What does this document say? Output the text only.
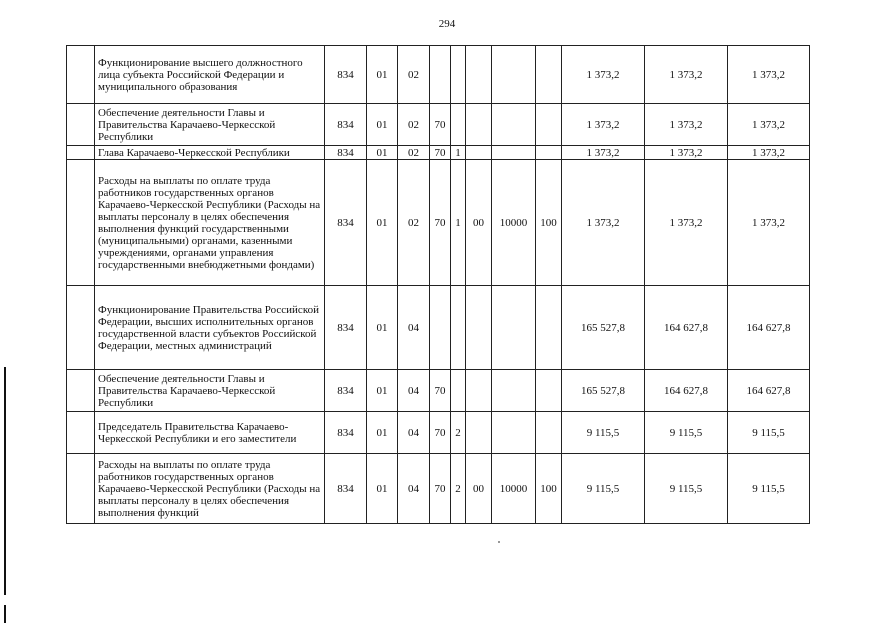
294
	Функционирование высшего должностного лица субъекта Российской Федерации и муниципального образования	834	01	02						1 373,2	1 373,2	1 373,2
	Обеспечение деятельности Главы и Правительства Карачаево-Черкесской Республики	834	01	02	70					1 373,2	1 373,2	1 373,2
	Глава Карачаево-Черкесской Республики	834	01	02	70	1				1 373,2	1 373,2	1 373,2
	Расходы на выплаты по оплате труда работников государственных органов Карачаево-Черкесской Республики (Расходы на выплаты персоналу в целях обеспечения выполнения функций государственными (муниципальными) органами, казенными учреждениями, органами управления государственными внебюджетными фондами)	834	01	02	70	1	00	10000	100	1 373,2	1 373,2	1 373,2
	Функционирование Правительства Российской Федерации, высших исполнительных органов государственной власти субъектов Российской Федерации, местных администраций	834	01	04						165 527,8	164 627,8	164 627,8
	Обеспечение деятельности Главы и Правительства Карачаево-Черкесской Республики	834	01	04	70					165 527,8	164 627,8	164 627,8
	Председатель Правительства Карачаево-Черкесской Республики и его заместители	834	01	04	70	2				9 115,5	9 115,5	9 115,5
	Расходы на выплаты по оплате труда работников государственных органов Карачаево-Черкесской Республики (Расходы на выплаты персоналу в целях обеспечения выполнения функций	834	01	04	70	2	00	10000	100	9 115,5	9 115,5	9 115,5
